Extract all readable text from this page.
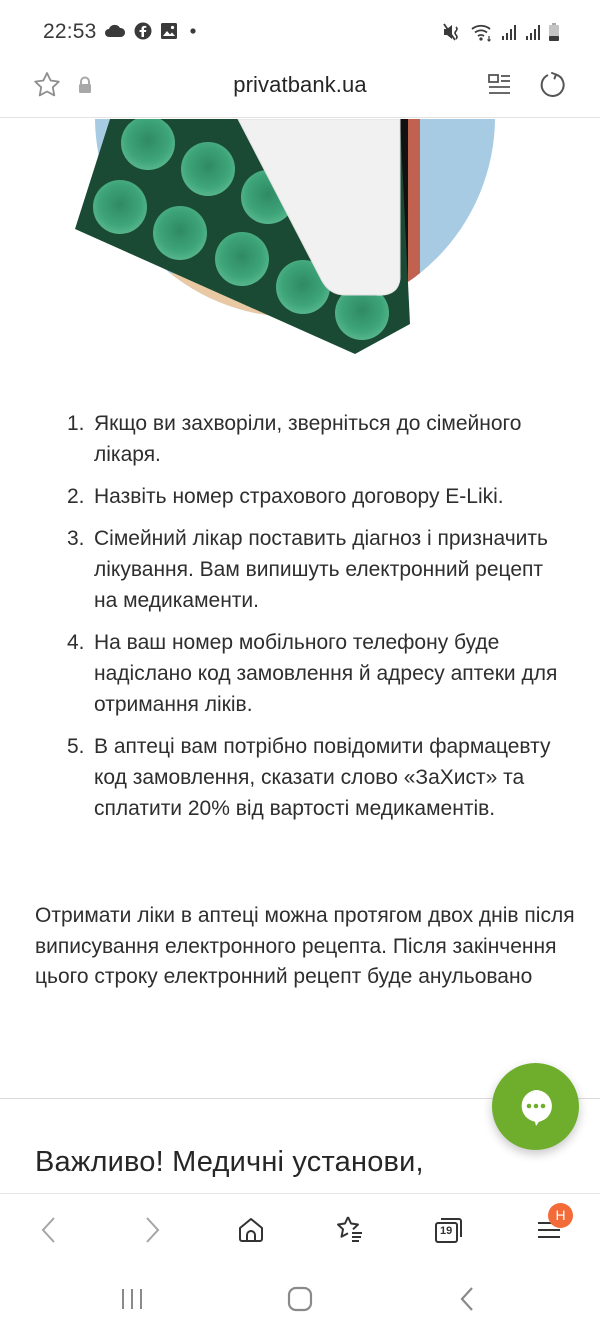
22:53
privatbank.ua
1. Якщо ви захворіли, зверніться до сімейного лікаря.
2. Назвіть номер страхового договору E-Liki.
3. Сімейний лікар поставить діагноз і призначить лікування. Вам випишуть електронний рецепт на медикаменти.
4. На ваш номер мобільного телефону буде надіслано код замовлення й адресу аптеки для отримання ліків.
5. В аптеці вам потрібно повідомити фармацевту код замовлення, сказати слово «ЗаХист» та сплатити 20% від вартості медикаментів.

Отримати ліки в аптеці можна протягом двох днів після виписування електронного рецепта. Після закінчення цього строку електронний рецепт буде анульовано

Важливо! Медичні установи,
19
H
